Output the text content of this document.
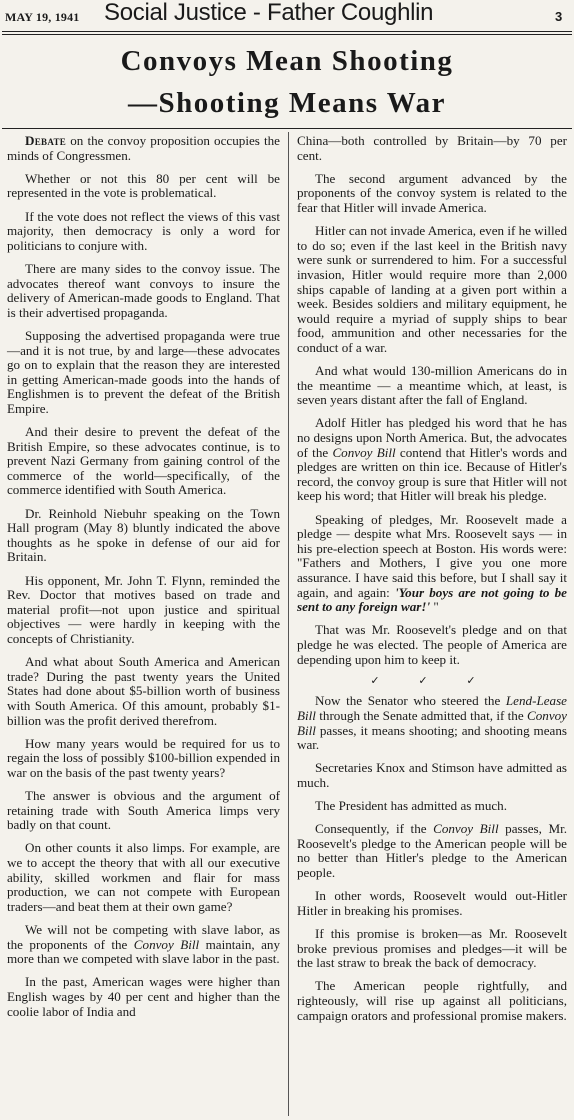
MAY 19, 1941 Social Justice - Father Coughlin	3
Convoys Mean Shooting
—Shooting Means War

Debate on the convoy proposition occupies the minds of Congressmen.

Whether or not this 80 per cent will be represented in the vote is problematical.

If the vote does not reflect the views of this vast majority, then democracy is only a word for politicians to conjure with.

There are many sides to the convoy issue. The advocates thereof want convoys to insure the delivery of American-made goods to England. That is their advertised propaganda.

Supposing the advertised propaganda were true—and it is not true, by and large—these advocates go on to explain that the reason they are interested in getting American-made goods into the hands of Englishmen is to prevent the defeat of the British Empire.

And their desire to prevent the defeat of the British Empire, so these advocates continue, is to prevent Nazi Germany from gaining control of the commerce of the world—specifically, of the commerce identified with South America.

Dr. Reinhold Niebuhr speaking on the Town Hall program (May 8) bluntly indicated the above thoughts as he spoke in defense of our aid for Britain.

His opponent, Mr. John T. Flynn, reminded the Rev. Doctor that motives based on trade and material profit—not upon justice and spiritual objectives — were hardly in keeping with the concepts of Christianity.

And what about South America and American trade? During the past twenty years the United States had done about $5-billion worth of business with South America. Of this amount, probably $1-billion was the profit derived therefrom.

How many years would be required for us to regain the loss of possibly $100-billion expended in war on the basis of the past twenty years?

The answer is obvious and the argument of retaining trade with South America limps very badly on that count.

On other counts it also limps. For example, are we to accept the theory that with all our executive ability, skilled workmen and flair for mass production, we can not compete with European traders—and beat them at their own game?

We will not be competing with slave labor, as the proponents of the Convoy Bill maintain, any more than we competed with slave labor in the past.

In the past, American wages were higher than English wages by 40 per cent and higher than the coolie labor of India and

China—both controlled by Britain—by 70 per cent.

The second argument advanced by the proponents of the convoy system is related to the fear that Hitler will invade America.

Hitler can not invade America, even if he willed to do so; even if the last keel in the British navy were sunk or surrendered to him. For a successful invasion, Hitler would require more than 2,000 ships capable of landing at a given port within a week. Besides soldiers and military equipment, he would require a myriad of supply ships to bear food, ammunition and other necessaries for the conduct of a war.

And what would 130-million Americans do in the meantime — a meantime which, at least, is seven years distant after the fall of England.

Adolf Hitler has pledged his word that he has no designs upon North America. But, the advocates of the Convoy Bill contend that Hitler's words and pledges are written on thin ice. Because of Hitler's record, the convoy group is sure that Hitler will not keep his word; that Hitler will break his pledge.

Speaking of pledges, Mr. Roosevelt made a pledge — despite what Mrs. Roosevelt says — in his pre-election speech at Boston. His words were: "Fathers and Mothers, I give you one more assurance. I have said this before, but I shall say it again, and again: 'Your boys are not going to be sent to any foreign war!' "

That was Mr. Roosevelt's pledge and on that pledge he was elected. The people of America are depending upon him to keep it.

✓ ✓ ✓

Now the Senator who steered the Lend-Lease Bill through the Senate admitted that, if the Convoy Bill passes, it means shooting; and shooting means war.

Secretaries Knox and Stimson have admitted as much.

The President has admitted as much.

Consequently, if the Convoy Bill passes, Mr. Roosevelt's pledge to the American people will be no better than Hitler's pledge to the American people.

In other words, Roosevelt would out-Hitler Hitler in breaking his promises.

If this promise is broken—as Mr. Roosevelt broke previous promises and pledges—it will be the last straw to break the back of democracy.

The American people rightfully, and righteously, will rise up against all politicians, campaign orators and professional promise makers.
